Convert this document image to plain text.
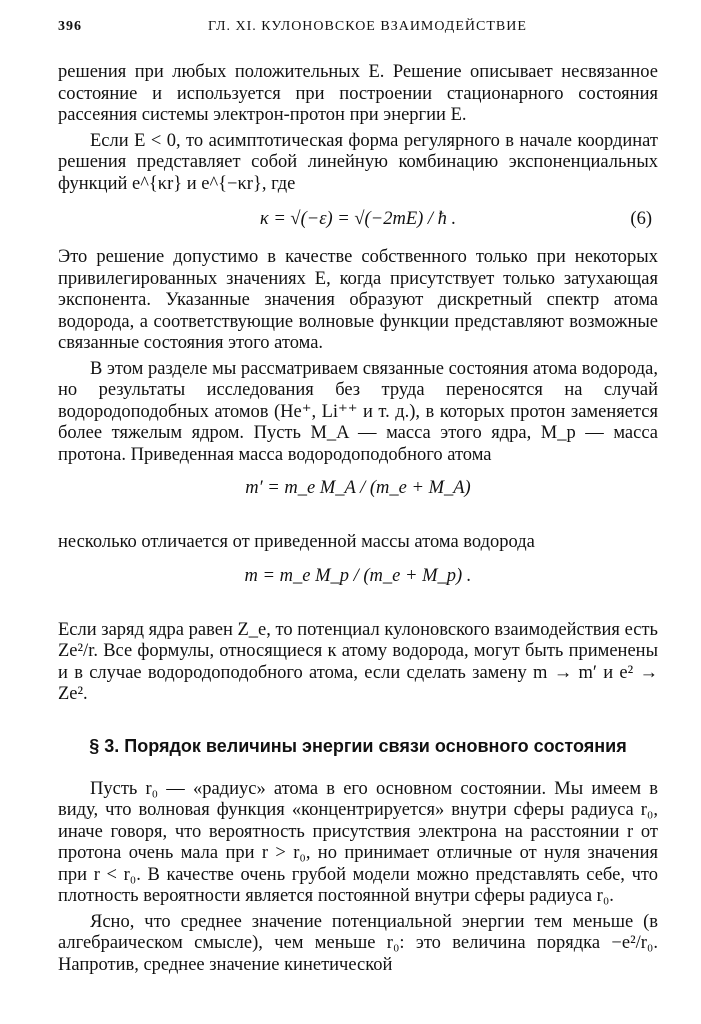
396	ГЛ. XI. КУЛОНОВСКОЕ ВЗАИМОДЕЙСТВИЕ

решения при любых положительных E. Решение описывает несвязанное состояние и используется при построении стационарного состояния рассеяния системы электрон-протон при энергии E.

Если E < 0, то асимптотическая форма регулярного в начале координат решения представляет собой линейную комбинацию экспоненциальных функций e^{κr} и e^{−κr}, где

κ = √(−ε) = √(−2mE) / ħ .	(6)

Это решение допустимо в качестве собственного только при некоторых привилегированных значениях E, когда присутствует только затухающая экспонента. Указанные значения образуют дискретный спектр атома водорода, а соответствующие волновые функции представляют возможные связанные состояния этого атома.

В этом разделе мы рассматриваем связанные состояния атома водорода, но результаты исследования без труда переносятся на случай водородоподобных атомов (He⁺, Li⁺⁺ и т. д.), в которых протон заменяется более тяжелым ядром. Пусть M_A — масса этого ядра, M_p — масса протона. Приведенная масса водородоподобного атома

m′ = m_e M_A / (m_e + M_A)

несколько отличается от приведенной массы атома водорода

m = m_e M_p / (m_e + M_p) .

Если заряд ядра равен Z_e, то потенциал кулоновского взаимодействия есть Ze²/r. Все формулы, относящиеся к атому водорода, могут быть применены и в случае водородоподобного атома, если сделать замену m → m′ и e² → Ze².

§ 3. Порядок величины энергии связи основного состояния

Пусть r₀ — «радиус» атома в его основном состоянии. Мы имеем в виду, что волновая функция «концентрируется» внутри сферы радиуса r₀, иначе говоря, что вероятность присутствия электрона на расстоянии r от протона очень мала при r > r₀, но принимает отличные от нуля значения при r < r₀. В качестве очень грубой модели можно представлять себе, что плотность вероятности является постоянной внутри сферы радиуса r₀.

Ясно, что среднее значение потенциальной энергии тем меньше (в алгебраическом смысле), чем меньше r₀: это величина порядка −e²/r₀. Напротив, среднее значение кинетической
